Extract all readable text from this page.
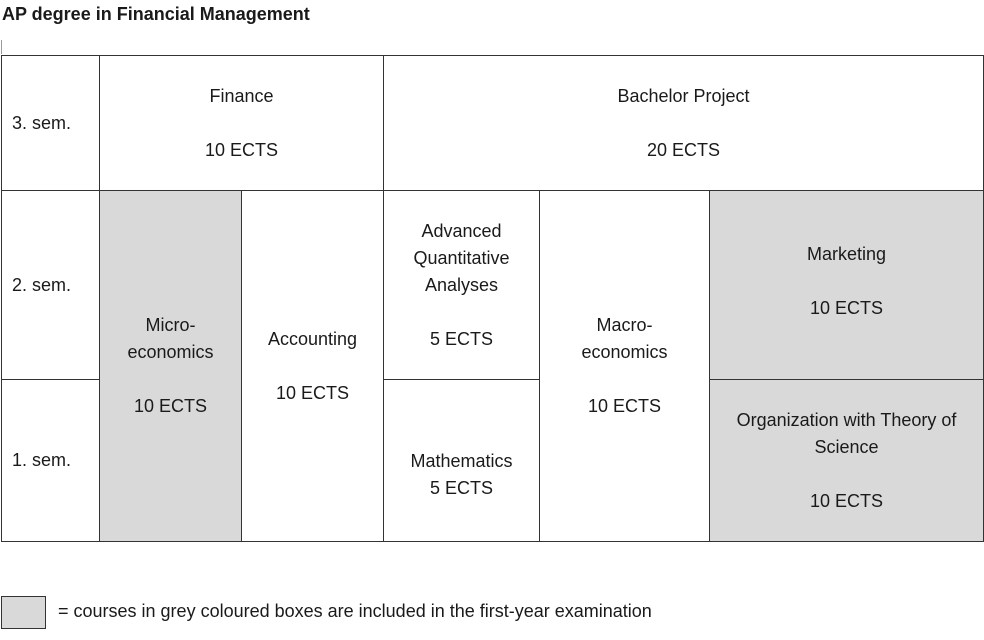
AP degree in Financial Management
3. sem.
2. sem.
1. sem.
Finance
10 ECTS
Bachelor Project
20 ECTS
Micro-
economics
10 ECTS
Accounting
10 ECTS
Advanced
Quantitative
Analyses
5 ECTS
Mathematics
5 ECTS
Macro-
economics
10 ECTS
Marketing
10 ECTS
Organization with Theory of
Science
10 ECTS
= courses in grey coloured boxes are included in the first-year examination
